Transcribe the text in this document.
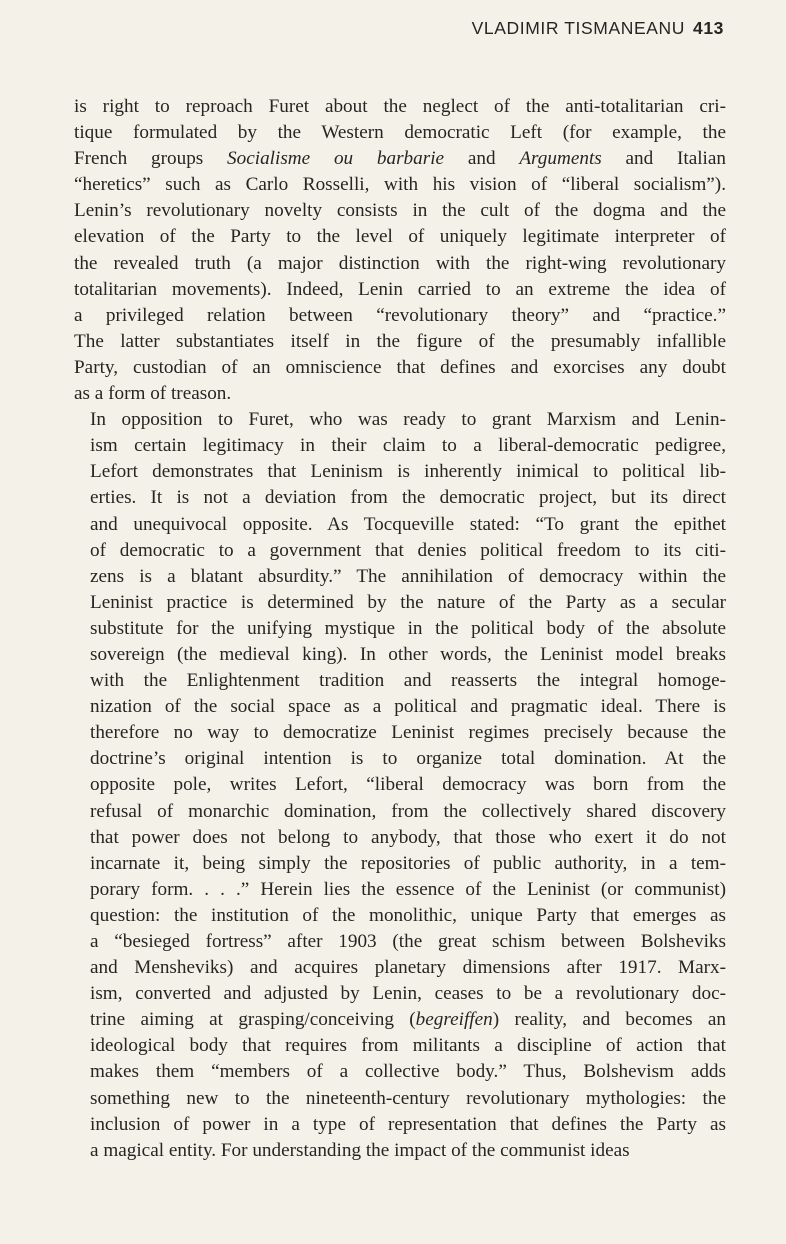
VLADIMIR TISMANEANU 413

is right to reproach Furet about the neglect of the anti-totalitarian cri-
tique formulated by the Western democratic Left (for example, the
French groups Socialisme ou barbarie and Arguments and Italian
“heretics” such as Carlo Rosselli, with his vision of “liberal socialism”).
Lenin’s revolutionary novelty consists in the cult of the dogma and the
elevation of the Party to the level of uniquely legitimate interpreter of
the revealed truth (a major distinction with the right-wing revolutionary
totalitarian movements). Indeed, Lenin carried to an extreme the idea of
a privileged relation between “revolutionary theory” and “practice.”
The latter substantiates itself in the figure of the presumably infallible
Party, custodian of an omniscience that defines and exorcises any doubt
as a form of treason.

In opposition to Furet, who was ready to grant Marxism and Lenin-
ism certain legitimacy in their claim to a liberal-democratic pedigree,
Lefort demonstrates that Leninism is inherently inimical to political lib-
erties. It is not a deviation from the democratic project, but its direct
and unequivocal opposite. As Tocqueville stated: “To grant the epithet
of democratic to a government that denies political freedom to its citi-
zens is a blatant absurdity.” The annihilation of democracy within the
Leninist practice is determined by the nature of the Party as a secular
substitute for the unifying mystique in the political body of the absolute
sovereign (the medieval king). In other words, the Leninist model breaks
with the Enlightenment tradition and reasserts the integral homoge-
nization of the social space as a political and pragmatic ideal. There is
therefore no way to democratize Leninist regimes precisely because the
doctrine’s original intention is to organize total domination. At the
opposite pole, writes Lefort, “liberal democracy was born from the
refusal of monarchic domination, from the collectively shared discovery
that power does not belong to anybody, that those who exert it do not
incarnate it, being simply the repositories of public authority, in a tem-
porary form. . . .” Herein lies the essence of the Leninist (or communist)
question: the institution of the monolithic, unique Party that emerges as
a “besieged fortress” after 1903 (the great schism between Bolsheviks
and Mensheviks) and acquires planetary dimensions after 1917. Marx-
ism, converted and adjusted by Lenin, ceases to be a revolutionary doc-
trine aiming at grasping/conceiving (begreiffen) reality, and becomes an
ideological body that requires from militants a discipline of action that
makes them “members of a collective body.” Thus, Bolshevism adds
something new to the nineteenth-century revolutionary mythologies: the
inclusion of power in a type of representation that defines the Party as
a magical entity. For understanding the impact of the communist ideas
